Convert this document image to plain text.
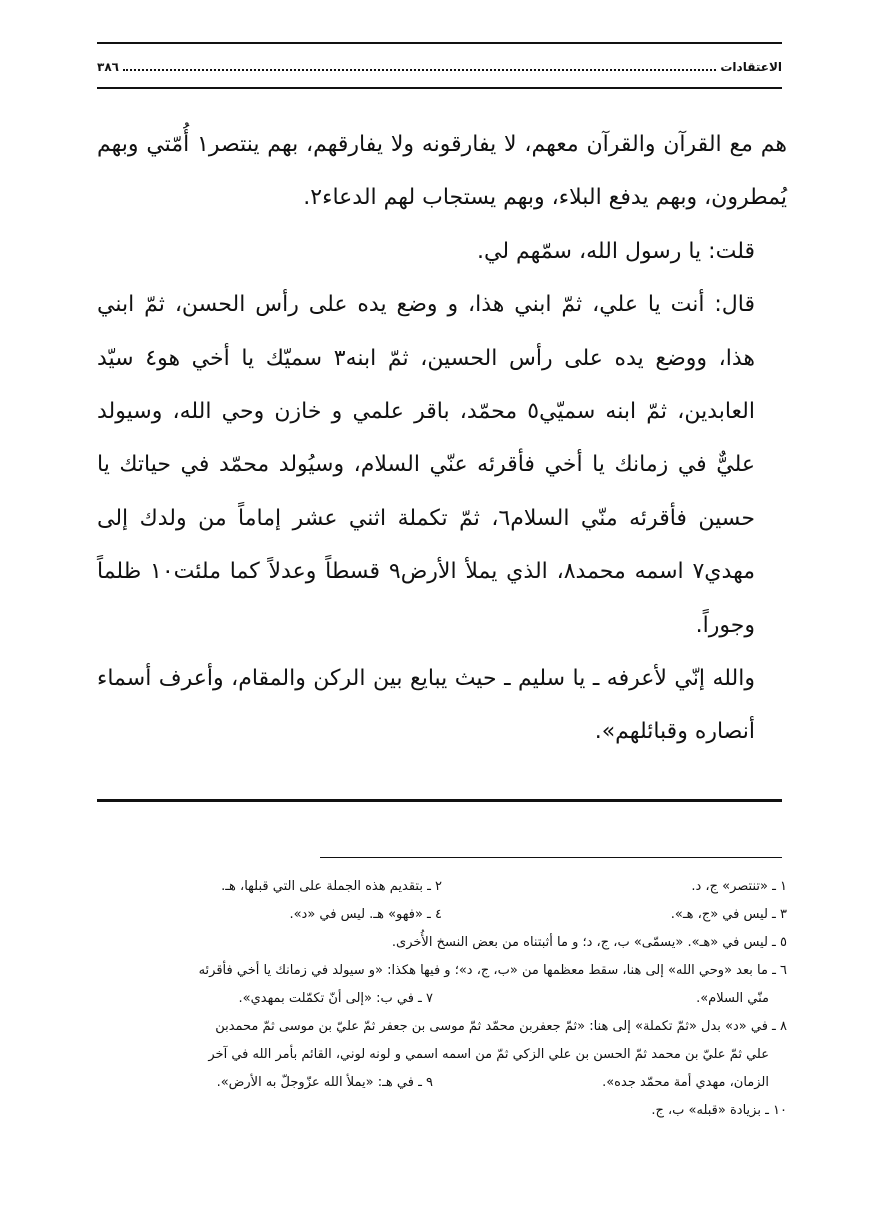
الاعتقادات
٣٨٦

هم مع القرآن والقرآن معهم، لا يفارقونه ولا يفارقهم، بهم ينتصر١ أُمّتي وبهم يُمطرون، وبهم يدفع البلاء، وبهم يستجاب لهم الدعاء٢.

قلت: يا رسول الله، سمّهم لي.

قال: أنت يا علي، ثمّ ابني هذا، و وضع يده على رأس الحسن، ثمّ ابني هذا، ووضع يده على رأس الحسين، ثمّ ابنه٣ سميّك يا أخي هو٤ سيّد العابدين، ثمّ ابنه سميّي٥ محمّد، باقر علمي و خازن وحي الله، وسيولد عليٌّ في زمانك يا أخي فأقرئه عنّي السلام، وسيُولد محمّد في حياتك يا حسين فأقرئه منّي السلام٦، ثمّ تكملة اثني عشر إماماً من ولدك إلى مهدي٧ اسمه محمد٨، الذي يملأ الأرض٩ قسطاً وعدلاً كما ملئت١٠ ظلماً وجوراً.

والله إنّي لأعرفه ـ يا سليم ـ حيث يبايع بين الركن والمقام، وأعرف أسماء أنصاره وقبائلهم».

١ ـ «تنتصر» ج، د.
٢ ـ بتقديم هذه الجملة على التي قبلها، هـ.
٣ ـ ليس في «ج، هـ».
٤ ـ «فهو» هـ. ليس في «د».
٥ ـ ليس في «هـ». «يسمّى» ب، ج، د؛ و ما أثبتناه من بعض النسخ الأُخرى.
٦ ـ ما بعد «وحي الله» إلى هنا، سقط معظمها من «ب، ج، د»؛ و فيها هكذا: «و سيولد في زمانك يا أخي فأقرئه
منّي السلام».
٧ ـ في ب: «إلى أنّ تكمّلت بمهدي».
٨ ـ في «د» بدل «ثمّ تكملة» إلى هنا: «ثمّ جعفربن محمّد ثمّ موسى بن جعفر ثمّ عليّ بن موسى ثمّ محمدبن
علي ثمّ عليّ بن محمد ثمّ الحسن بن علي الزكي ثمّ من اسمه اسمي و لونه لوني، القائم بأمر الله في آخر
الزمان، مهدي أمة محمّد جده».
٩ ـ في هـ: «يملأ الله عزّوجلّ به الأرض».
١٠ ـ بزيادة «قبله» ب، ج.
